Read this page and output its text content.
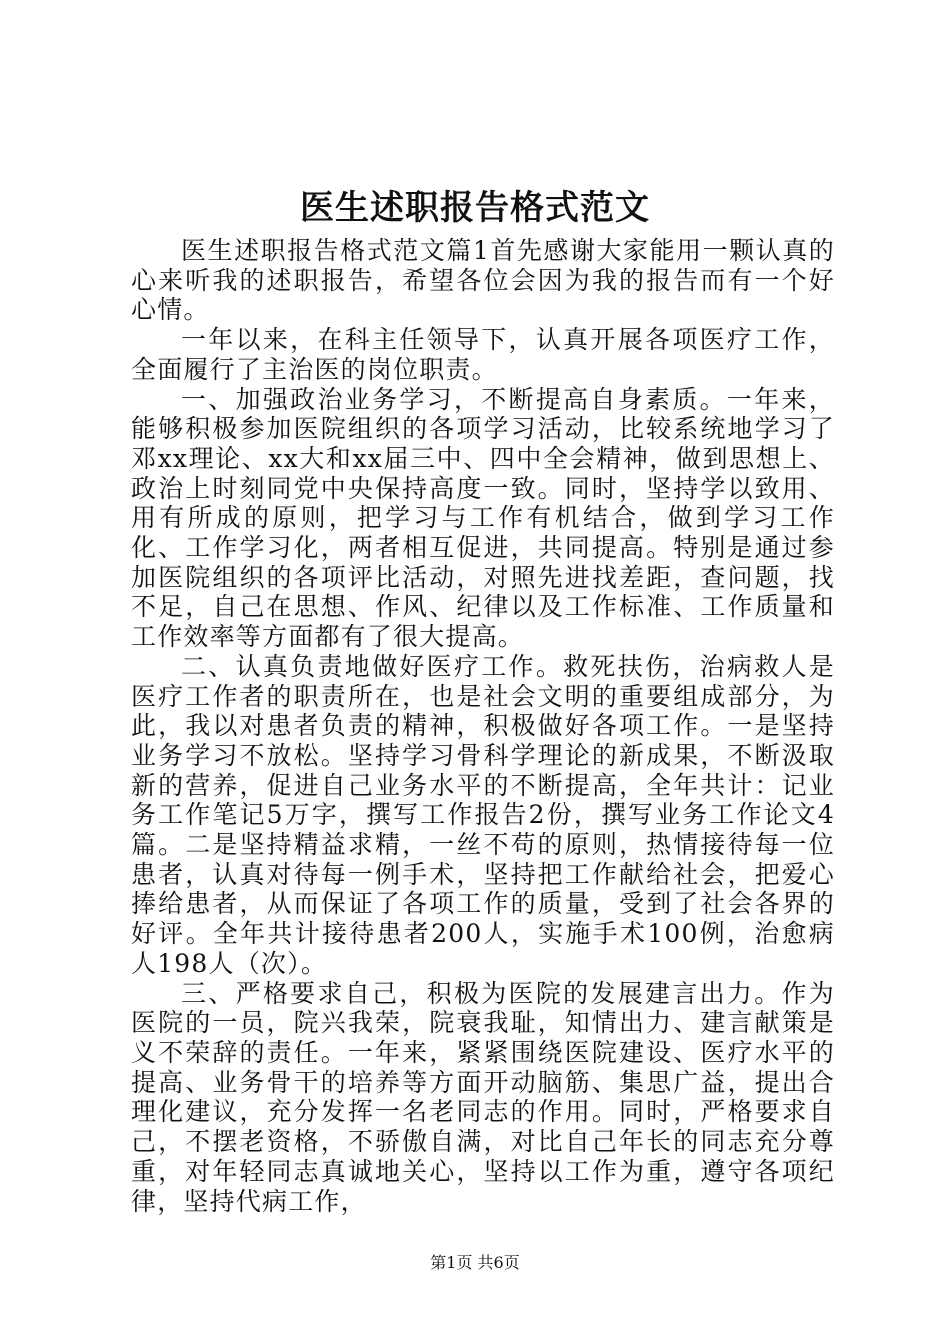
医生述职报告格式范文

医生述职报告格式范文篇1首先感谢大家能用一颗认真的心来听我的述职报告，希望各位会因为我的报告而有一个好心情。

一年以来，在科主任领导下，认真开展各项医疗工作，全面履行了主治医的岗位职责。

一、加强政治业务学习，不断提高自身素质。一年来，能够积极参加医院组织的各项学习活动，比较系统地学习了邓xx理论、xx大和xx届三中、四中全会精神，做到思想上、政治上时刻同党中央保持高度一致。同时，坚持学以致用、用有所成的原则，把学习与工作有机结合，做到学习工作化、工作学习化，两者相互促进，共同提高。特别是通过参加医院组织的各项评比活动，对照先进找差距，查问题，找不足，自己在思想、作风、纪律以及工作标准、工作质量和工作效率等方面都有了很大提高。

二、认真负责地做好医疗工作。救死扶伤，治病救人是医疗工作者的职责所在，也是社会文明的重要组成部分，为此，我以对患者负责的精神，积极做好各项工作。一是坚持业务学习不放松。坚持学习骨科学理论的新成果，不断汲取新的营养，促进自己业务水平的不断提高，全年共计：记业务工作笔记5万字，撰写工作报告2份，撰写业务工作论文4篇。二是坚持精益求精，一丝不苟的原则，热情接待每一位患者，认真对待每一例手术，坚持把工作献给社会，把爱心捧给患者，从而保证了各项工作的质量，受到了社会各界的好评。全年共计接待患者200人，实施手术100例，治愈病人198人（次）。

三、严格要求自己，积极为医院的发展建言出力。作为医院的一员，院兴我荣，院衰我耻，知情出力、建言献策是义不荣辞的责任。一年来，紧紧围绕医院建设、医疗水平的提高、业务骨干的培养等方面开动脑筋、集思广益，提出合理化建议，充分发挥一名老同志的作用。同时，严格要求自己，不摆老资格，不骄傲自满，对比自己年长的同志充分尊重，对年轻同志真诚地关心，坚持以工作为重，遵守各项纪律，坚持代病工作，

第1页 共6页
